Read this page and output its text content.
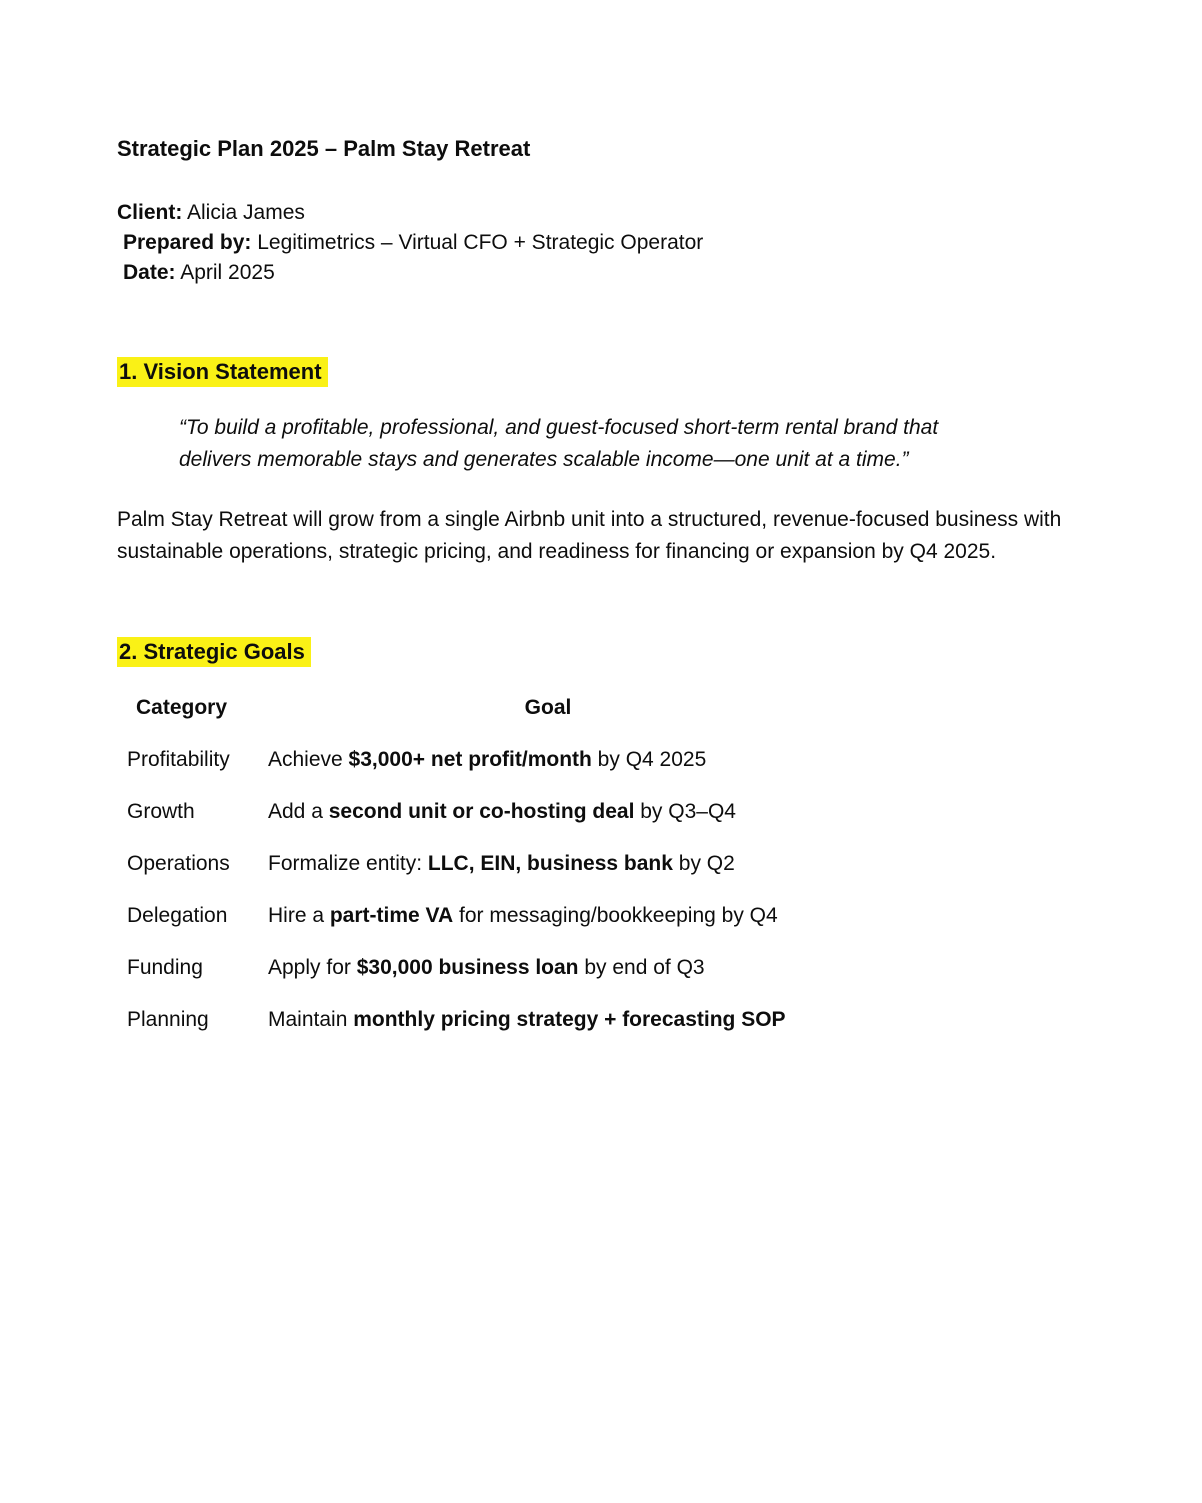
Strategic Plan 2025 – Palm Stay Retreat

Client: Alicia James

Prepared by: Legitimetrics – Virtual CFO + Strategic Operator

Date: April 2025

1. Vision Statement

“To build a profitable, professional, and guest-focused short-term rental brand that delivers memorable stays and generates scalable income—one unit at a time.”

Palm Stay Retreat will grow from a single Airbnb unit into a structured, revenue-focused business with sustainable operations, strategic pricing, and readiness for financing or expansion by Q4 2025.

2. Strategic Goals
Category	Goal
Profitability	Achieve $3,000+ net profit/month by Q4 2025
Growth	Add a second unit or co-hosting deal by Q3–Q4
Operations	Formalize entity: LLC, EIN, business bank by Q2
Delegation	Hire a part-time VA for messaging/bookkeeping by Q4
Funding	Apply for $30,000 business loan by end of Q3
Planning	Maintain monthly pricing strategy + forecasting SOP
